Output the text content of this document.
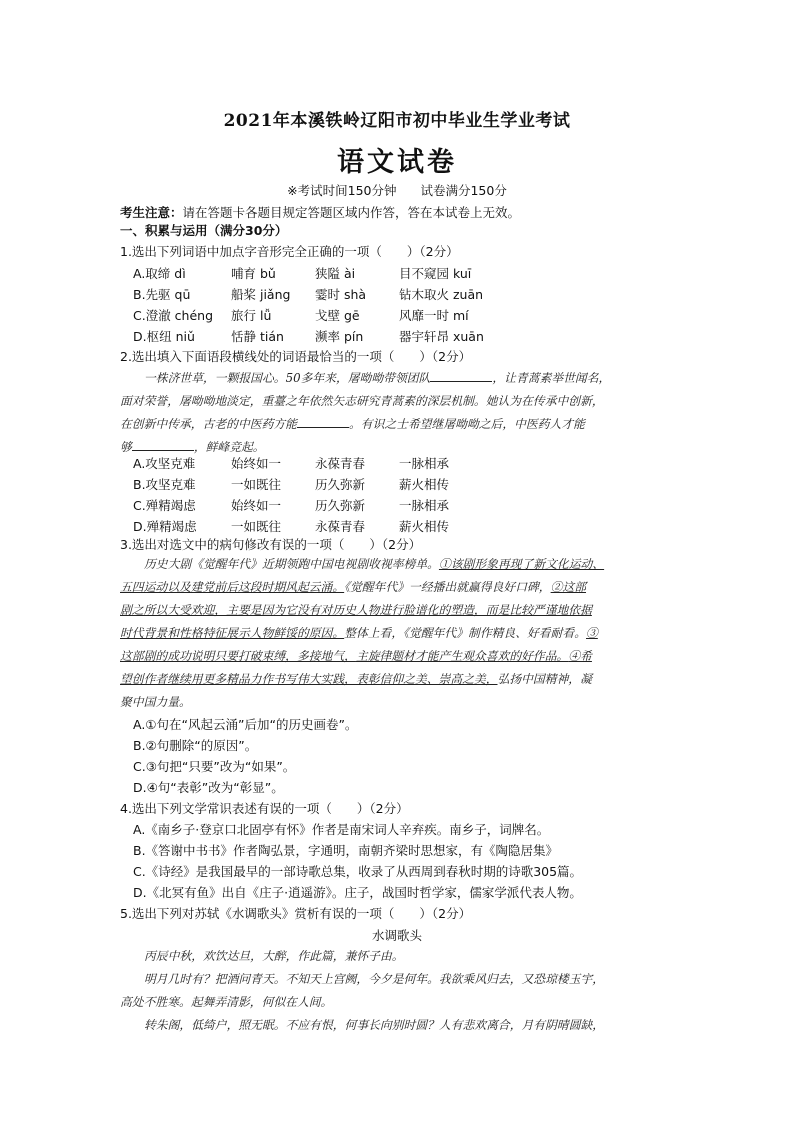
2021年本溪铁岭辽阳市初中毕业生学业考试
语文试卷
※考试时间150分钟 试卷满分150分
考生注意：请在答题卡各题目规定答题区域内作答，答在本试卷上无效。
一、积累与运用（满分30分）
1.选出下列词语中加点字音形完全正确的一项（　　）（2分）
A.取缔 dì	哺育 bǔ	狭隘 ài	目不窥园 kuī
B.先驱 qū	船桨 jiǎng 霎时 shà	钻木取火 zuān
C.澄澈 chéng 旅行 lǚ	戈壁 gē	风靡一时 mí
D.枢纽 niǔ	恬静 tián 濒率 pín	器宇轩昂 xuān
2.选出填入下面语段横线处的词语最恰当的一项（　　）（2分）

一株济世草，一颗报国心。50多年来，屠呦呦带领团队	，让青蒿素举世闻名，

面对荣誉，屠呦呦地淡定，重薹之年依然矢志研究青蒿素的深层机制。她认为在传承中创新，

在创新中传承，古老的中医药方能	。有识之士希望继屠呦呦之后，中医药人才能

够	，鲜峰竞起。

A.攻坚克难	始终如一	永葆青春	一脉相承
B.攻坚克难	一如既往	历久弥新	薪火相传
C.殚精竭虑	始终如一	历久弥新	一脉相承
D.殚精竭虑	一如既往	永葆青春	薪火相传
3.选出对选文中的病句修改有误的一项（　　）（2分）

历史大剧《觉醒年代》近期领跑中国电视剧收视率榜单。①该剧形象再现了新文化运动、

五四运动以及建党前后这段时期风起云涌。《觉醒年代》一经播出就赢得良好口碑，②这部

剧之所以大受欢迎，主要是因为它没有对历史人物进行脸谱化的塑造，而是比较严谨地依据

时代背景和性格特征展示人物鲜馁的原因。整体上看，《觉醒年代》制作精良、好看耐看。③

这部剧的成功说明只要打破束缚，多接地气，主旋律题材才能产生观众喜欢的好作品。④希

望创作者继续用更多精品力作书写伟大实践，表彰信仰之美、崇高之美，弘扬中国精神，凝

聚中国力量。

A.①句在“风起云涌”后加“的历史画卷”。
B.②句删除“的原因”。
C.③句把“只要”改为“如果”。
D.④句“表彰”改为“彰显”。
4.选出下列文学常识表述有误的一项（　　）（2分）
A.《南乡子·登京口北固亭有怀》作者是南宋词人辛弃疾。南乡子，词牌名。
B.《答谢中书书》作者陶弘景，字通明，南朝齐梁时思想家，有《陶隐居集》
C.《诗经》是我国最早的一部诗歌总集，收录了从西周到春秋时期的诗歌305篇。
D.《北冥有鱼》出自《庄子·逍遥游》。庄子，战国时哲学家，儒家学派代表人物。
5.选出下列对苏轼《水调歌头》赏析有误的一项（　　）（2分）
水调歌头

丙辰中秋，欢饮达旦，大醉，作此篇，兼怀子由。

明月几时有？把酒问青天。不知天上宫阙，今夕是何年。我欲乘风归去，又恐琼楼玉宇，

高处不胜寒。起舞弄清影，何似在人间。

转朱阁，低绮户，照无眠。不应有恨，何事长向别时圆？人有悲欢离合，月有阴晴圆缺，
